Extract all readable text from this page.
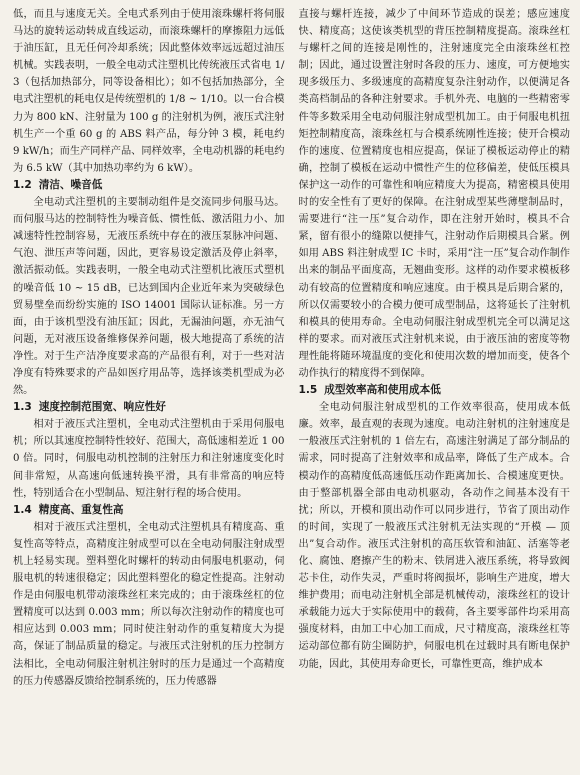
低，而且与速度无关。全电式系列由于使用滚珠螺杆将伺服马达的旋转运动转成直线运动，而滚珠螺杆的摩擦阻力远低于油压缸，且无任何冷却系统；因此整体效率远远超过油压机械。实践表明，一般全电动式注塑机比传统液压式省电 1/3（包括加热部分，同等设备相比）；如不包括加热部分，全电式注塑机的耗电仅是传统塑机的 1/8 ~ 1/10。以一台合模力为 800 kN、注射量为 100 g 的注射机为例，液压式注射机生产一个重 60 g 的 ABS 料产品，每分钟 3 模，耗电约 9 kW/h；而生产同样产品、同样效率，全电动机器的耗电约为 6.5 kW（其中加热功率约为 6 kW）。

1.2 清洁、噪音低

全电动式注塑机的主要制动组件是交流同步伺服马达。而伺服马达的控制特性为噪音低、惯性低、激活阻力小、加减速特性控制容易，无液压系统中存在的液压泵脉冲问题、气泡、泄压声等问题，因此，更容易设定激活及停止斜率，激活振动低。实践表明，一般全电动式注塑机比液压式塑机的噪音低 10 ~ 15 dB，已达到国内企业近年来为突破绿色贸易壁垒而纷纷实施的 ISO 14001 国际认证标准。另一方面，由于该机型没有油压缸；因此，无漏油问题，亦无油气问题，无对液压设备维修保养问题，极大地提高了系统的洁净性。对于生产洁净度要求高的产品很有利，对于一些对洁净度有特殊要求的产品如医疗用品等，选择该类机型成为必然。

1.3 速度控制范围宽、响应性好

相对于液压式注塑机，全电动式注塑机由于采用伺服电机；所以其速度控制特性较好、范围大，高低速相差近 1 000 倍。同时，伺服电动机控制的注射压力和注射速度变化时间非常短，从高速向低速转换平滑，具有非常高的响应特性，特别适合在小型制品、短注射行程的场合使用。

1.4 精度高、重复性高

相对于液压式注塑机，全电动式注塑机具有精度高、重复性高等特点，高精度注射成型可以在全电动伺服注射成型机上轻易实现。塑料塑化时螺杆的转动由伺服电机驱动，伺服电机的转速很稳定；因此塑料塑化的稳定性提高。注射动作是由伺服电机带动滚珠丝杠来完成的；由于滚珠丝杠的位置精度可以达到 0.003 mm；所以每次注射动作的精度也可相应达到 0.003 mm；同时使注射动作的重复精度大为提高，保证了制品质量的稳定。与液压式注射机的压力控制方法相比，全电动伺服注射机注射时的压力是通过一个高精度的压力传感器反馈给控制系统的，压力传感器

直接与螺杆连接，减少了中间环节造成的误差；感应速度快、精度高；这使该类机型的背压控制精度提高。滚珠丝杠与螺杆之间的连接是刚性的，注射速度完全由滚珠丝杠控制；因此，通过设置注射时各段的压力、速度，可方便地实现多级压力、多级速度的高精度复杂注射动作，以便满足各类高档制品的各种注射要求。手机外壳、电脑的一些精密零件等多数采用全电动伺服注射成型机加工。由于伺服电机扭矩控制精度高，滚珠丝杠与合模系统刚性连接；使开合模动作的速度、位置精度也相应提高，保证了模板运动停止的精确，控制了模板在运动中惯性产生的位移偏差，使低压模具保护这一动作的可靠性和响应精度大为提高，精密模具使用时的安全性有了更好的保障。在注射成型某些薄壁制品时，需要进行“注一压”复合动作，即在注射开始时，模具不合紧，留有很小的缝隙以便排气，注射动作后期模具合紧。例如用 ABS 料注射成型 IC 卡时，采用“注一压”复合动作制作出来的制品平面度高，无翘曲变形。这样的动作要求模板移动有较高的位置精度和响应速度。由于模具是后期合紧的，所以仅需要较小的合模力便可成型制品，这将延长了注射机和模具的使用寿命。全电动伺服注射成型机完全可以满足这样的要求。而对液压式注射机来说，由于液压油的密度等物理性能将随环境温度的变化和使用次数的增加而变，使各个动作执行的精度得不到保障。

1.5 成型效率高和使用成本低

全电动伺服注射成型机的工作效率很高，使用成本低廉。效率，最直观的表现为速度。电动注射机的注射速度是一般液压式注射机的 1 倍左右，高速注射满足了部分制品的需求，同时提高了注射效率和成品率，降低了生产成本。合模动作的高精度低高速低压动作距离加长、合模速度更快。由于整部机器全部由电动机驱动，各动作之间基本没有干扰；所以，开模和顶出动作可以同步进行，节省了顶出动作的时间，实现了一般液压式注射机无法实现的“开模 — 顶出”复合动作。液压式注射机的高压软管和油缸、活塞等老化、腐蚀、磨擦产生的粉末、铁屑进入液压系统，将导致阀芯卡住，动作失灵，严重时将阀损坏，影响生产进度，增大维护费用；而电动注射机全部是机械传动，滚珠丝杠的设计承载能力远大于实际使用中的载荷，各主要零部件均采用高强度材料，由加工中心加工而成，尺寸精度高，滚珠丝杠等运动部位都有防尘圈防护，伺服电机在过载时具有断电保护功能，因此，其使用寿命更长，可靠性更高，维护成本
